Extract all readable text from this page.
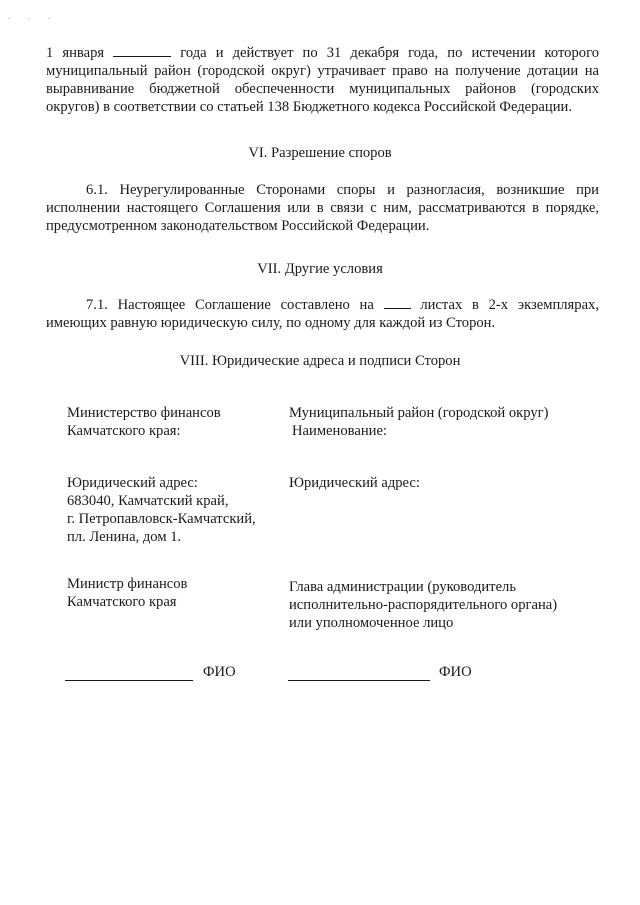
. . .

1 января	года и действует по 31 декабря года, по истечении которого муниципальный район (городской округ) утрачивает право на получение дотации на выравнивание бюджетной обеспеченности муниципальных районов (городских округов) в соответствии со статьей 138 Бюджетного кодекса Российской Федерации.

VI. Разрешение споров

6.1. Неурегулированные Сторонами споры и разногласия, возникшие при исполнении настоящего Соглашения или в связи с ним, рассматриваются в порядке, предусмотренном законодательством Российской Федерации.

VII. Другие условия

7.1. Настоящее Соглашение составлено на  листах в 2-х экземплярах, имеющих равную юридическую силу, по одному для каждой из Сторон.

VIII. Юридические адреса и подписи Сторон

Министерство финансов
Камчатского края:
Юридический адрес:
683040, Камчатский край,
г. Петропавловск-Камчатский,
пл. Ленина, дом 1.
Министр финансов
Камчатского края
ФИО
Муниципальный район (городской округ)
Наименование:
Юридический адрес:
Глава администрации (руководитель
исполнительно-распорядительного органа)
или уполномоченное лицо
ФИО
